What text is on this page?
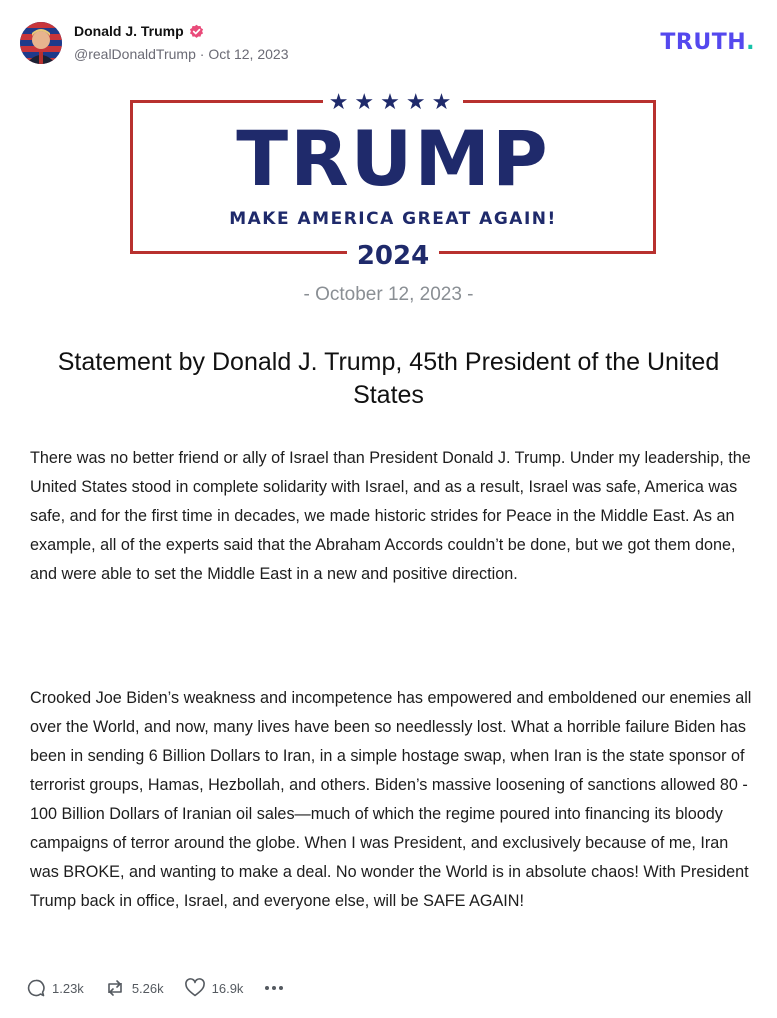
Donald J. Trump
@realDonaldTrump · Oct 12, 2023	TRUTH.
★★★★★
TRUMP
MAKE AMERICA GREAT AGAIN!
2024
- October 12, 2023 -
Statement by Donald J. Trump, 45th President of the United States

There was no better friend or ally of Israel than President Donald J. Trump. Under my leadership, the United States stood in complete solidarity with Israel, and as a result, Israel was safe, America was safe, and for the first time in decades, we made historic strides for Peace in the Middle East. As an example, all of the experts said that the Abraham Accords couldn’t be done, but we got them done, and were able to set the Middle East in a new and positive direction.

Crooked Joe Biden’s weakness and incompetence has empowered and emboldened our enemies all over the World, and now, many lives have been so needlessly lost. What a horrible failure Biden has been in sending 6 Billion Dollars to Iran, in a simple hostage swap, when Iran is the state sponsor of terrorist groups, Hamas, Hezbollah, and others. Biden’s massive loosening of sanctions allowed 80 - 100 Billion Dollars of Iranian oil sales—much of which the regime poured into financing its bloody campaigns of terror around the globe. When I was President, and exclusively because of me, Iran was BROKE, and wanting to make a deal. No wonder the World is in absolute chaos! With President Trump back in office, Israel, and everyone else, will be SAFE AGAIN!

1.23k	5.26k	16.9k
